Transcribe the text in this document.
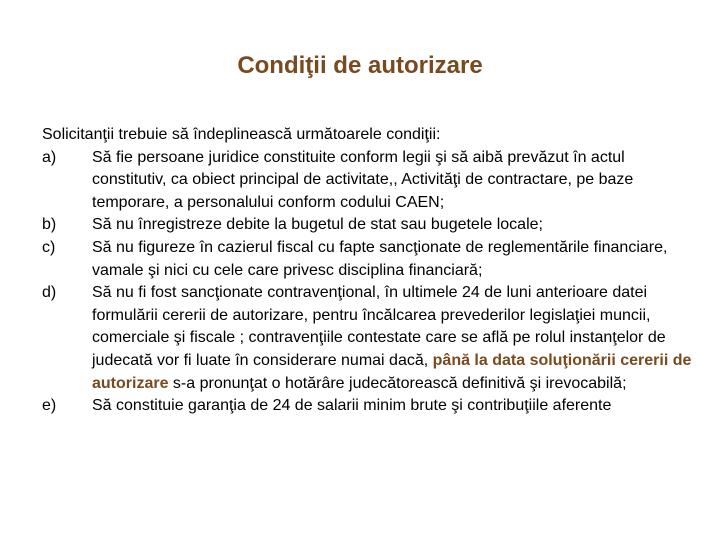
Condiţii de autorizare

Solicitanţii trebuie să îndeplinească următoarele condiţii:

a)	Să fie persoane juridice constituite conform legii şi să aibă prevăzut în actul constitutiv, ca obiect principal de activitate,, Activităţi de contractare, pe baze temporare, a personalului conform codului CAEN;
b)	Să nu înregistreze debite la bugetul de stat sau bugetele locale;
c)	Să nu figureze în cazierul fiscal cu fapte sancţionate de reglementările financiare, vamale şi nici cu cele care privesc disciplina financiară;
d)	Să nu fi fost sancţionate contravenţional, în ultimele 24 de luni anterioare datei formulării cererii de autorizare, pentru încălcarea prevederilor legislaţiei muncii, comerciale şi fiscale ; contravenţiile contestate care se află pe rolul instanţelor de judecată vor fi luate în considerare numai dacă, până la data soluţionării cererii de autorizare s-a pronunţat o hotărâre judecătorească definitivă şi irevocabilă;
e)	Să constituie garanţia de 24 de salarii minim brute şi contribuţiile aferente
